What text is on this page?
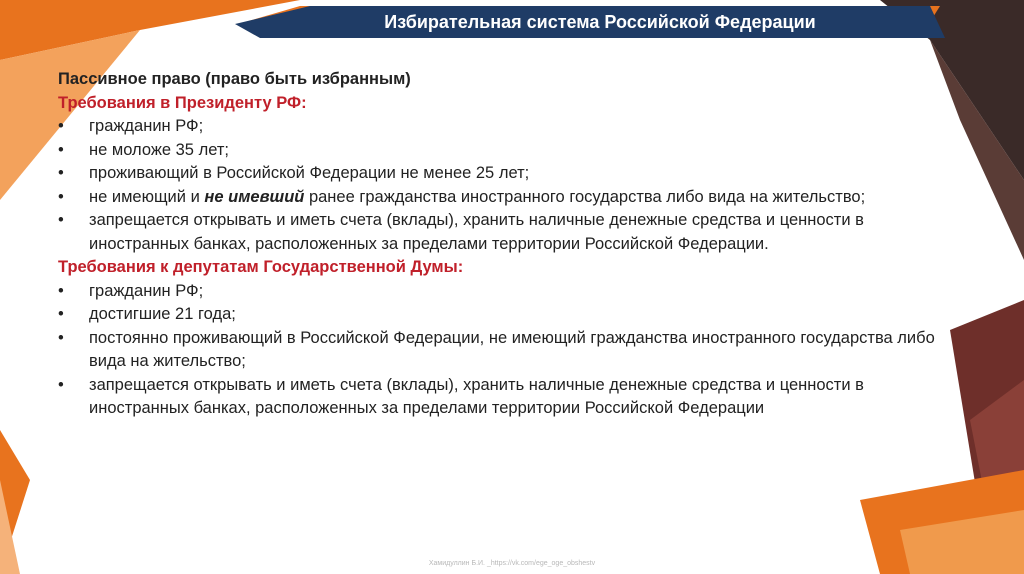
Избирательная система Российской Федерации

Пассивное право (право быть избранным)

Требования в Президенту РФ:

• гражданин РФ;

• не моложе 35 лет;

• проживающий в Российской Федерации не менее 25 лет;

• не имеющий и не имевший ранее гражданства иностранного государства либо вида на жительство;

• запрещается открывать и иметь счета (вклады), хранить наличные денежные средства и ценности в иностранных банках, расположенных за пределами территории Российской Федерации.

Требования к депутатам Государственной Думы:

• гражданин РФ;

• достигшие 21 года;

• постоянно проживающий в Российской Федерации, не имеющий гражданства иностранного государства либо вида на жительство;

• запрещается открывать и иметь счета (вклады), хранить наличные денежные средства и ценности в иностранных банках, расположенных за пределами территории Российской Федерации

Хамидуллин Б.И. _https://vk.com/ege_oge_obshestv
